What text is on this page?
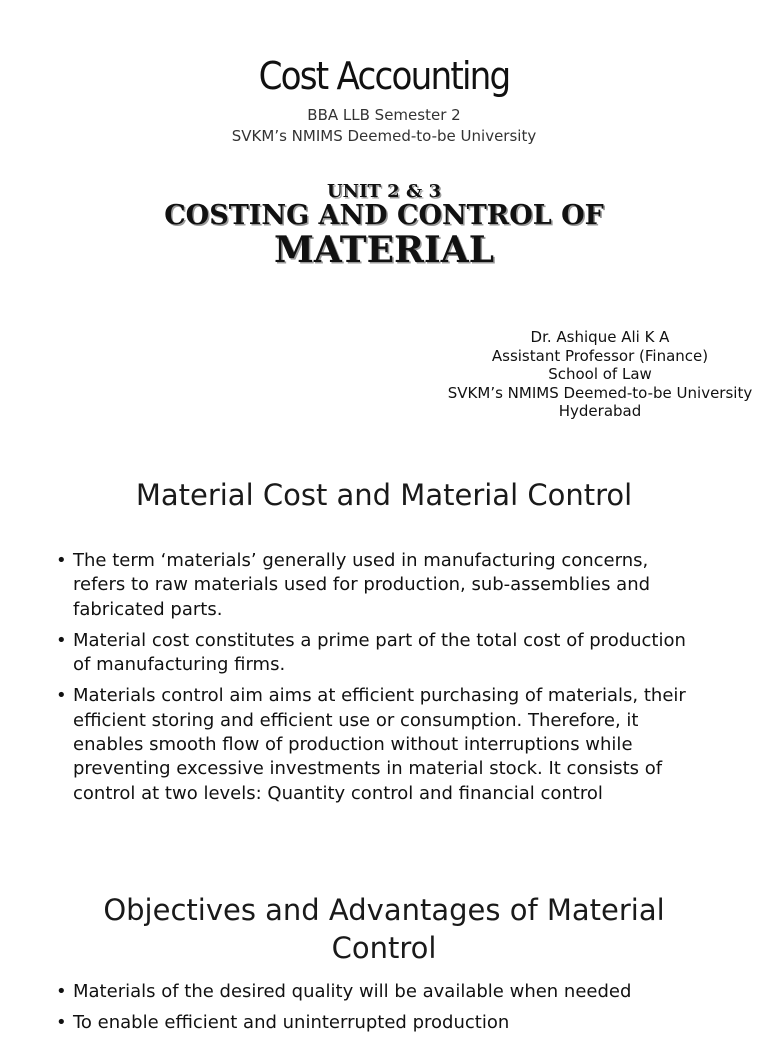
Cost Accounting
BBA LLB Semester 2
SVKM’s NMIMS Deemed-to-be University
UNIT 2 & 3
COSTING AND CONTROL OF
MATERIAL
Dr. Ashique Ali K A
Assistant Professor (Finance)
School of Law
SVKM’s NMIMS Deemed-to-be University
Hyderabad
Material Cost and Material Control
• The term ‘materials’ generally used in manufacturing concerns, refers to raw materials used for production, sub-assemblies and fabricated parts.
• Material cost constitutes a prime part of the total cost of production of manufacturing firms.
• Materials control aim aims at efficient purchasing of materials, their efficient storing and efficient use or consumption. Therefore, it enables smooth flow of production without interruptions while preventing excessive investments in material stock. It consists of control at two levels: Quantity control and financial control
Objectives and Advantages of Material
Control
• Materials of the desired quality will be available when needed
• To enable efficient and uninterrupted production
